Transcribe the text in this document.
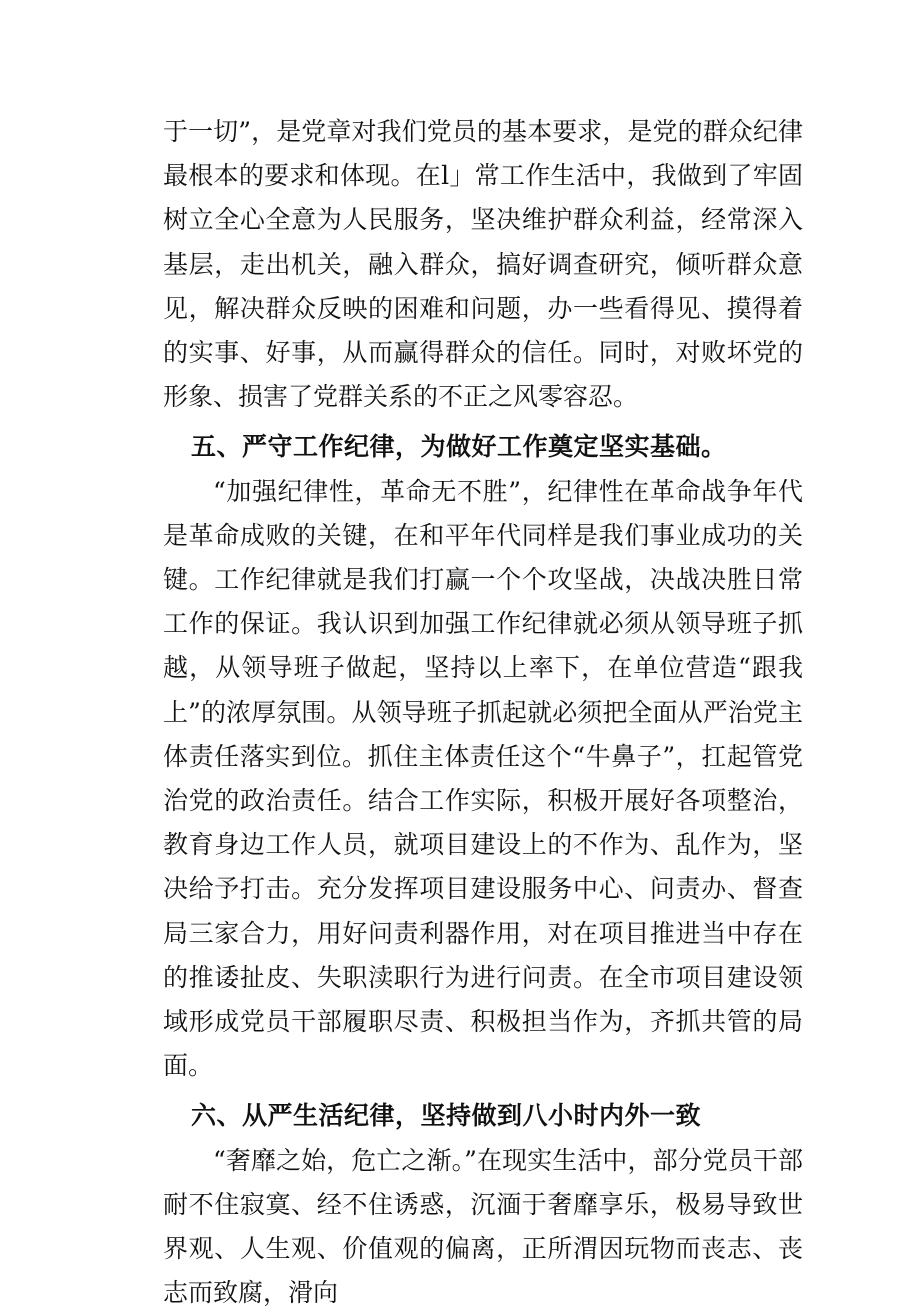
于一切”，是党章对我们党员的基本要求，是党的群众纪律最根本的要求和体现。在l」常工作生活中，我做到了牢固树立全心全意为人民服务，坚决维护群众利益，经常深入基层，走出机关，融入群众，搞好调查研究，倾听群众意见，解决群众反映的困难和问题，办一些看得见、摸得着的实事、好事，从而赢得群众的信任。同时，对败坏党的形象、损害了党群关系的不正之风零容忍。

五、严守工作纪律，为做好工作奠定坚实基础。

“加强纪律性，革命无不胜”，纪律性在革命战争年代是革命成败的关键，在和平年代同样是我们事业成功的关键。工作纪律就是我们打赢一个个攻坚战，决战决胜日常工作的保证。我认识到加强工作纪律就必须从领导班子抓越，从领导班子做起，坚持以上率下，在单位营造“跟我上”的浓厚氛围。从领导班子抓起就必须把全面从严治党主体责任落实到位。抓住主体责任这个“牛鼻子”，扛起管党治党的政治责任。结合工作实际，积极开展好各项整治，教育身边工作人员，就项目建设上的不作为、乱作为，坚决给予打击。充分发挥项目建设服务中心、问责办、督查局三家合力，用好问责利器作用，对在项目推进当中存在的推诿扯皮、失职渎职行为进行问责。在全市项目建设领域形成党员干部履职尽责、积极担当作为，齐抓共管的局面。

六、从严生活纪律，坚持做到八小时内外一致

“奢靡之始，危亡之渐。”在现实生活中，部分党员干部耐不住寂寞、经不住诱惑，沉湎于奢靡享乐，极易导致世界观、人生观、价值观的偏离，正所渭因玩物而丧志、丧志而致腐，滑向
